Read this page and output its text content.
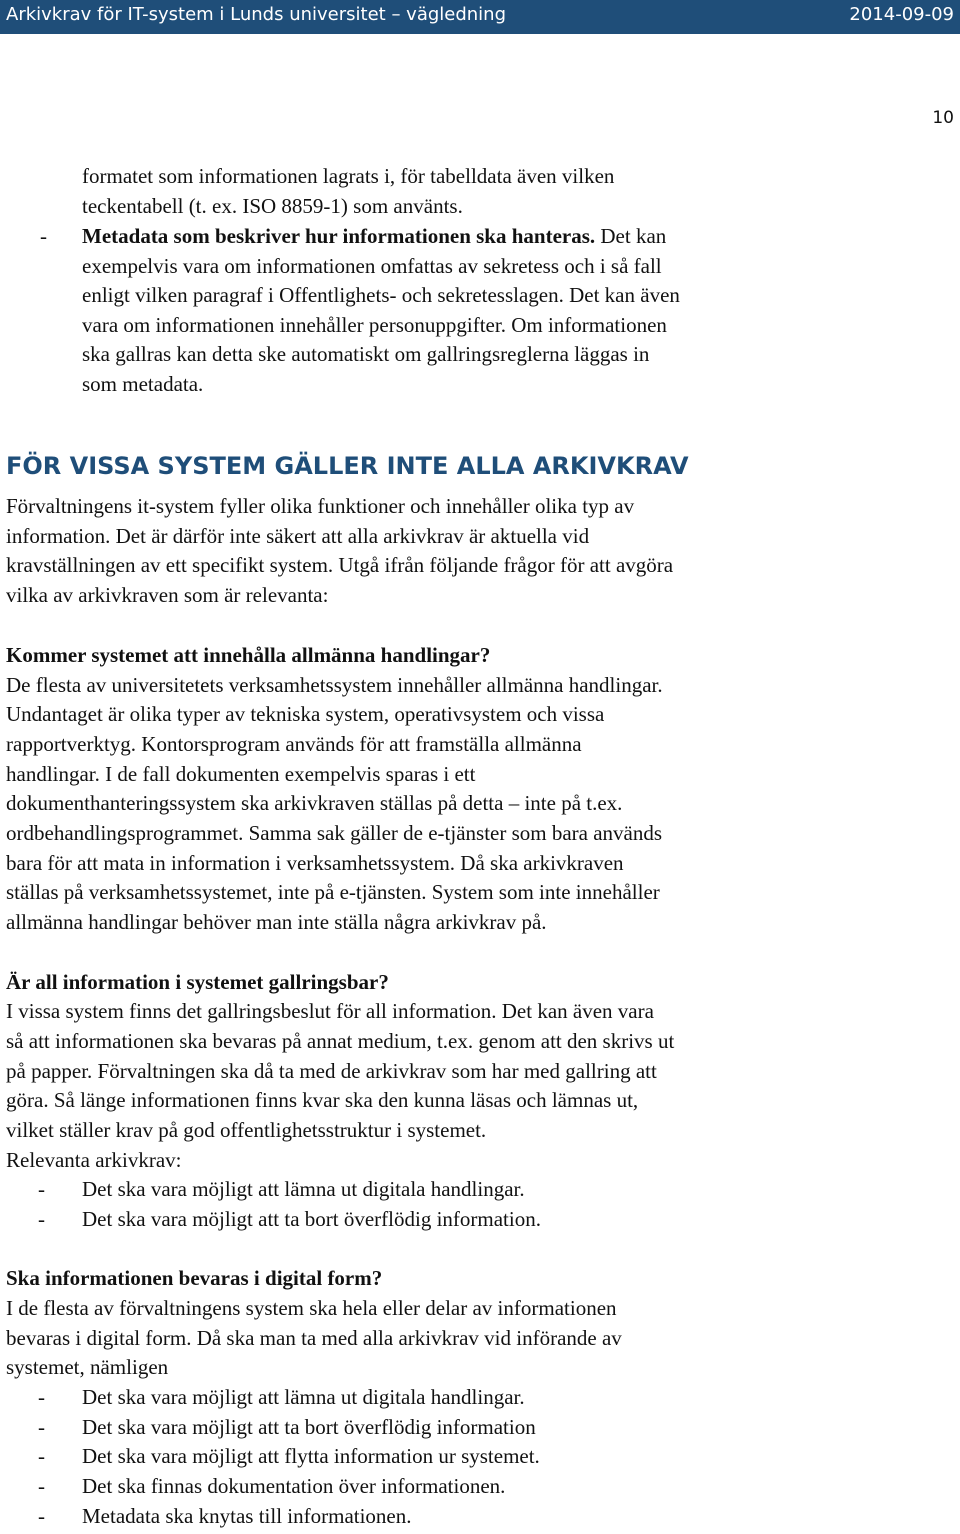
Arkivkrav för IT-system i Lunds universitet – vägledning	2014-09-09
10
formatet som informationen lagrats i, för tabelldata även vilken
teckentabell (t. ex. ISO 8859-1) som använts.
- Metadata som beskriver hur informationen ska hanteras. Det kan
exempelvis vara om informationen omfattas av sekretess och i så fall
enligt vilken paragraf i Offentlighets- och sekretesslagen. Det kan även
vara om informationen innehåller personuppgifter. Om informationen
ska gallras kan detta ske automatiskt om gallringsreglerna läggas in
som metadata.
FÖR VISSA SYSTEM GÄLLER INTE ALLA ARKIVKRAV
Förvaltningens it-system fyller olika funktioner och innehåller olika typ av
information. Det är därför inte säkert att alla arkivkrav är aktuella vid
kravställningen av ett specifikt system. Utgå ifrån följande frågor för att avgöra
vilka av arkivkraven som är relevanta:
Kommer systemet att innehålla allmänna handlingar?
De flesta av universitetets verksamhetssystem innehåller allmänna handlingar.
Undantaget är olika typer av tekniska system, operativsystem och vissa
rapportverktyg. Kontorsprogram används för att framställa allmänna
handlingar. I de fall dokumenten exempelvis sparas i ett
dokumenthanteringssystem ska arkivkraven ställas på detta – inte på t.ex.
ordbehandlingsprogrammet. Samma sak gäller de e-tjänster som bara används
bara för att mata in information i verksamhetssystem. Då ska arkivkraven
ställas på verksamhetssystemet, inte på e-tjänsten. System som inte innehåller
allmänna handlingar behöver man inte ställa några arkivkrav på.
Är all information i systemet gallringsbar?
I vissa system finns det gallringsbeslut för all information. Det kan även vara
så att informationen ska bevaras på annat medium, t.ex. genom att den skrivs ut
på papper. Förvaltningen ska då ta med de arkivkrav som har med gallring att
göra. Så länge informationen finns kvar ska den kunna läsas och lämnas ut,
vilket ställer krav på god offentlighetsstruktur i systemet.
Relevanta arkivkrav:
- Det ska vara möjligt att lämna ut digitala handlingar.
- Det ska vara möjligt att ta bort överflödig information.
Ska informationen bevaras i digital form?
I de flesta av förvaltningens system ska hela eller delar av informationen
bevaras i digital form. Då ska man ta med alla arkivkrav vid införande av
systemet, nämligen
- Det ska vara möjligt att lämna ut digitala handlingar.
- Det ska vara möjligt att ta bort överflödig information
- Det ska vara möjligt att flytta information ur systemet.
- Det ska finnas dokumentation över informationen.
- Metadata ska knytas till informationen.
